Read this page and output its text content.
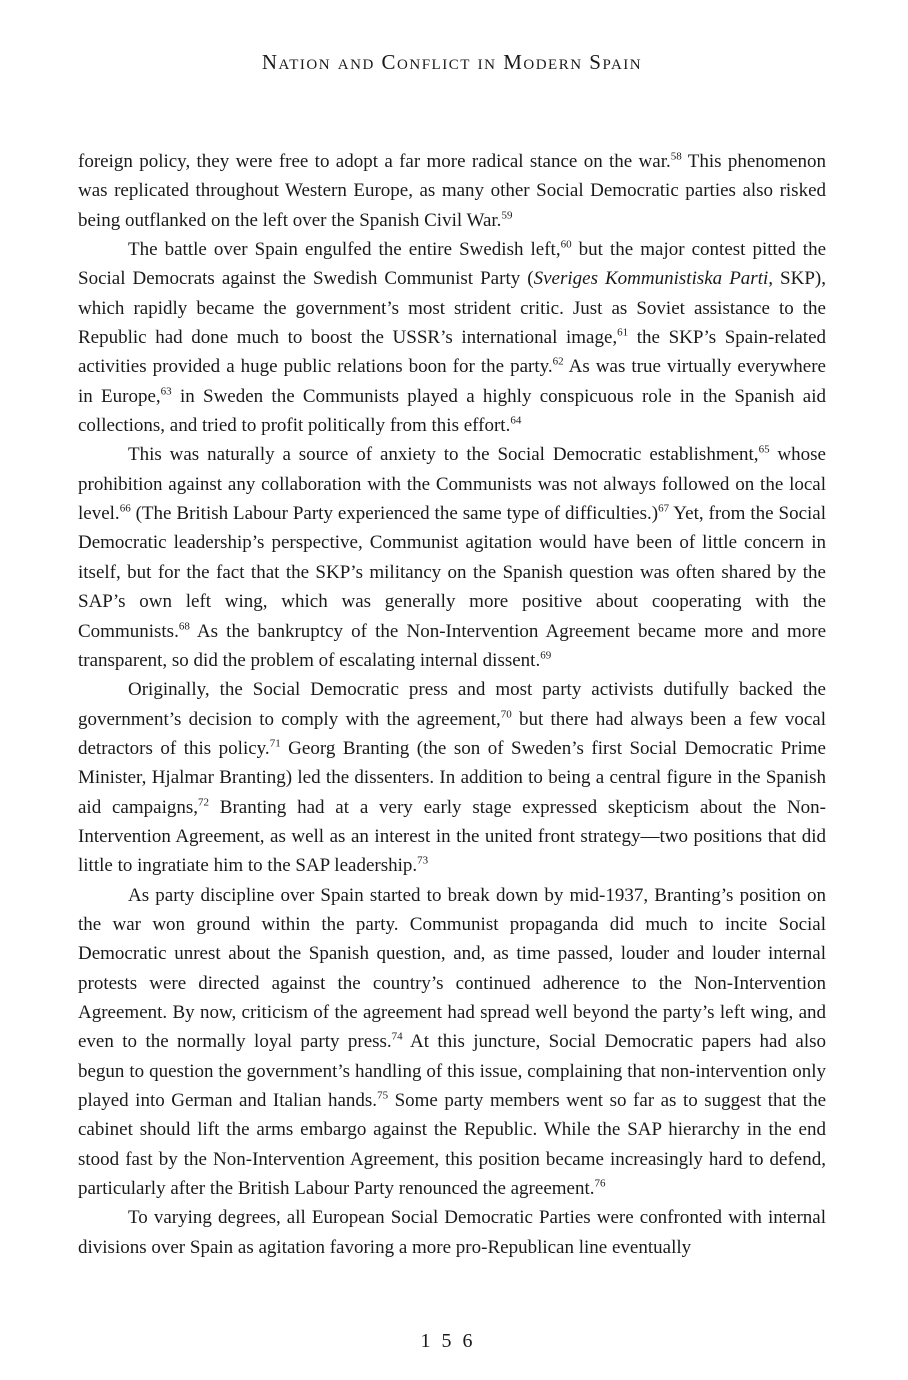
Nation and Conflict in Modern Spain

foreign policy, they were free to adopt a far more radical stance on the war.$^{58}$ This phenomenon was replicated throughout Western Europe, as many other Social Democratic parties also risked being outflanked on the left over the Spanish Civil War.$^{59}$

The battle over Spain engulfed the entire Swedish left,$^{60}$ but the major contest pitted the Social Democrats against the Swedish Communist Party (Sveriges Kommunistiska Parti, SKP), which rapidly became the government’s most strident critic. Just as Soviet assistance to the Republic had done much to boost the USSR’s international image,$^{61}$ the SKP’s Spain-related activities provided a huge public relations boon for the party.$^{62}$ As was true virtually everywhere in Europe,$^{63}$ in Sweden the Communists played a highly conspicuous role in the Spanish aid collections, and tried to profit politically from this effort.$^{64}$

This was naturally a source of anxiety to the Social Democratic establishment,$^{65}$ whose prohibition against any collaboration with the Communists was not always followed on the local level.$^{66}$ (The British Labour Party experienced the same type of difficulties.)$^{67}$ Yet, from the Social Democratic leadership’s perspective, Communist agitation would have been of little concern in itself, but for the fact that the SKP’s militancy on the Spanish question was often shared by the SAP’s own left wing, which was generally more positive about cooperating with the Communists.$^{68}$ As the bankruptcy of the Non-Intervention Agreement became more and more transparent, so did the problem of escalating internal dissent.$^{69}$

Originally, the Social Democratic press and most party activists dutifully backed the government’s decision to comply with the agreement,$^{70}$ but there had always been a few vocal detractors of this policy.$^{71}$ Georg Branting (the son of Sweden’s first Social Democratic Prime Minister, Hjalmar Branting) led the dissenters. In addition to being a central figure in the Spanish aid campaigns,$^{72}$ Branting had at a very early stage expressed skepticism about the Non-Intervention Agreement, as well as an interest in the united front strategy—two positions that did little to ingratiate him to the SAP leadership.$^{73}$

As party discipline over Spain started to break down by mid-1937, Branting’s position on the war won ground within the party. Communist propaganda did much to incite Social Democratic unrest about the Spanish question, and, as time passed, louder and louder internal protests were directed against the country’s continued adherence to the Non-Intervention Agreement. By now, criticism of the agreement had spread well beyond the party’s left wing, and even to the normally loyal party press.$^{74}$ At this juncture, Social Democratic papers had also begun to question the government’s handling of this issue, complaining that non-intervention only played into German and Italian hands.$^{75}$ Some party members went so far as to suggest that the cabinet should lift the arms embargo against the Republic. While the SAP hierarchy in the end stood fast by the Non-Intervention Agreement, this position became increasingly hard to defend, particularly after the British Labour Party renounced the agreement.$^{76}$

To varying degrees, all European Social Democratic Parties were confronted with internal divisions over Spain as agitation favoring a more pro-Republican line eventually

156
